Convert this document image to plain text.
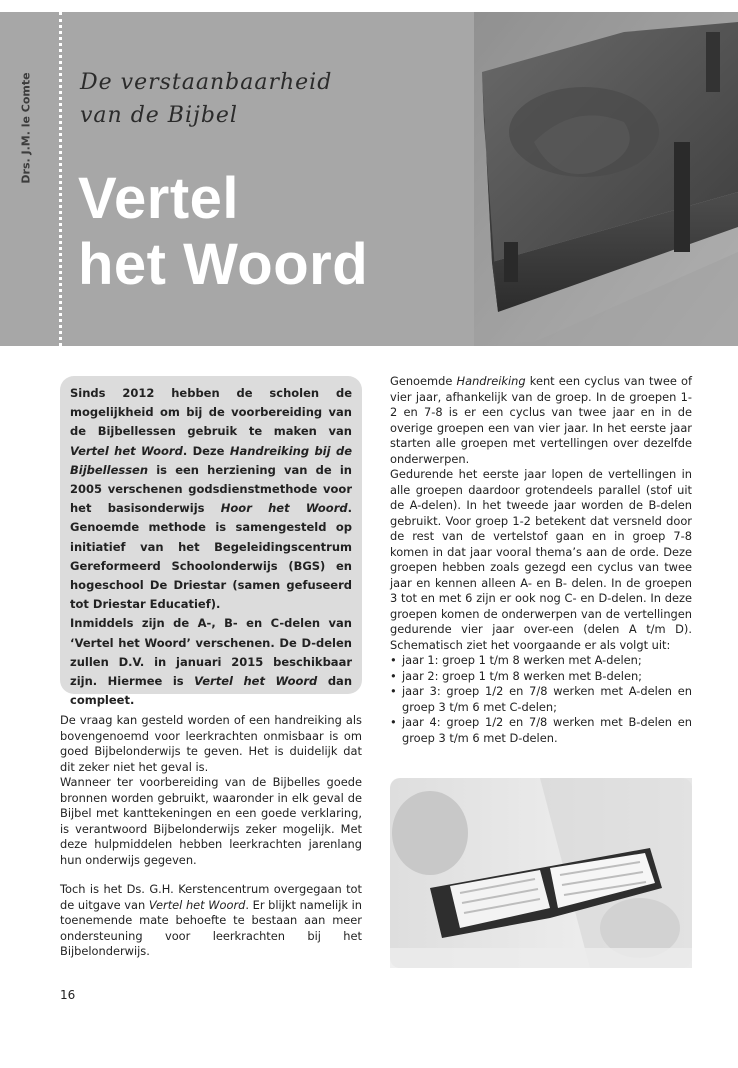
Drs. J.M. le Comte De verstaanbaarheid
van de Bijbel
Vertel
het Woord

Sinds 2012 hebben de scholen de mogelijkheid om bij de voorbereiding van de Bijbellessen gebruik te maken van Vertel het Woord. Deze Handreiking bij de Bijbellessen is een herziening van de in 2005 verschenen godsdienstmethode voor het basisonderwijs Hoor het Woord. Genoemde methode is samengesteld op initiatief van het Begeleidingscentrum Gereformeerd Schoolonderwijs (BGS) en hogeschool De Driestar (samen gefuseerd tot Driestar Educatief).

Inmiddels zijn de A-, B- en C-delen van ‘Vertel het Woord’ verschenen. De D-delen zullen D.V. in januari 2015 beschikbaar zijn. Hiermee is Vertel het Woord dan compleet.

De vraag kan gesteld worden of een handreiking als bovengenoemd voor leerkrachten onmisbaar is om goed Bijbelonderwijs te geven. Het is duidelijk dat dit zeker niet het geval is.

Wanneer ter voorbereiding van de Bijbelles goede bronnen worden gebruikt, waaronder in elk geval de Bijbel met kanttekeningen en een goede verklaring, is verantwoord Bijbelonderwijs zeker mogelijk. Met deze hulpmiddelen hebben leerkrachten jarenlang hun onderwijs gegeven.

Toch is het Ds. G.H. Kerstencentrum overgegaan tot de uitgave van Vertel het Woord. Er blijkt namelijk in toenemende mate behoefte te bestaan aan meer ondersteuning voor leerkrachten bij het Bijbelonderwijs.

Genoemde Handreiking kent een cyclus van twee of vier jaar, afhankelijk van de groep. In de groepen 1-2 en 7-8 is er een cyclus van twee jaar en in de overige groepen een van vier jaar. In het eerste jaar starten alle groepen met vertellingen over dezelfde onderwerpen.

Gedurende het eerste jaar lopen de vertellingen in alle groepen daardoor grotendeels parallel (stof uit de A-delen). In het tweede jaar worden de B-delen gebruikt. Voor groep 1-2 betekent dat versneld door de rest van de vertelstof gaan en in groep 7-8 komen in dat jaar vooral thema’s aan de orde. Deze groepen hebben zoals gezegd een cyclus van twee jaar en kennen alleen A- en B- delen. In de groepen 3 tot en met 6 zijn er ook nog C- en D-delen. In deze groepen komen de onderwerpen van de vertellingen gedurende vier jaar over-een (delen A t/m D). Schematisch ziet het voorgaande er als volgt uit:

• jaar 1: groep 1 t/m 8 werken met A-delen;
• jaar 2: groep 1 t/m 8 werken met B-delen;
• jaar 3: groep 1/2 en 7/8 werken met A-delen en groep 3 t/m 6 met C-delen;
• jaar 4: groep 1/2 en 7/8 werken met B-delen en groep 3 t/m 6 met D-delen.
16
